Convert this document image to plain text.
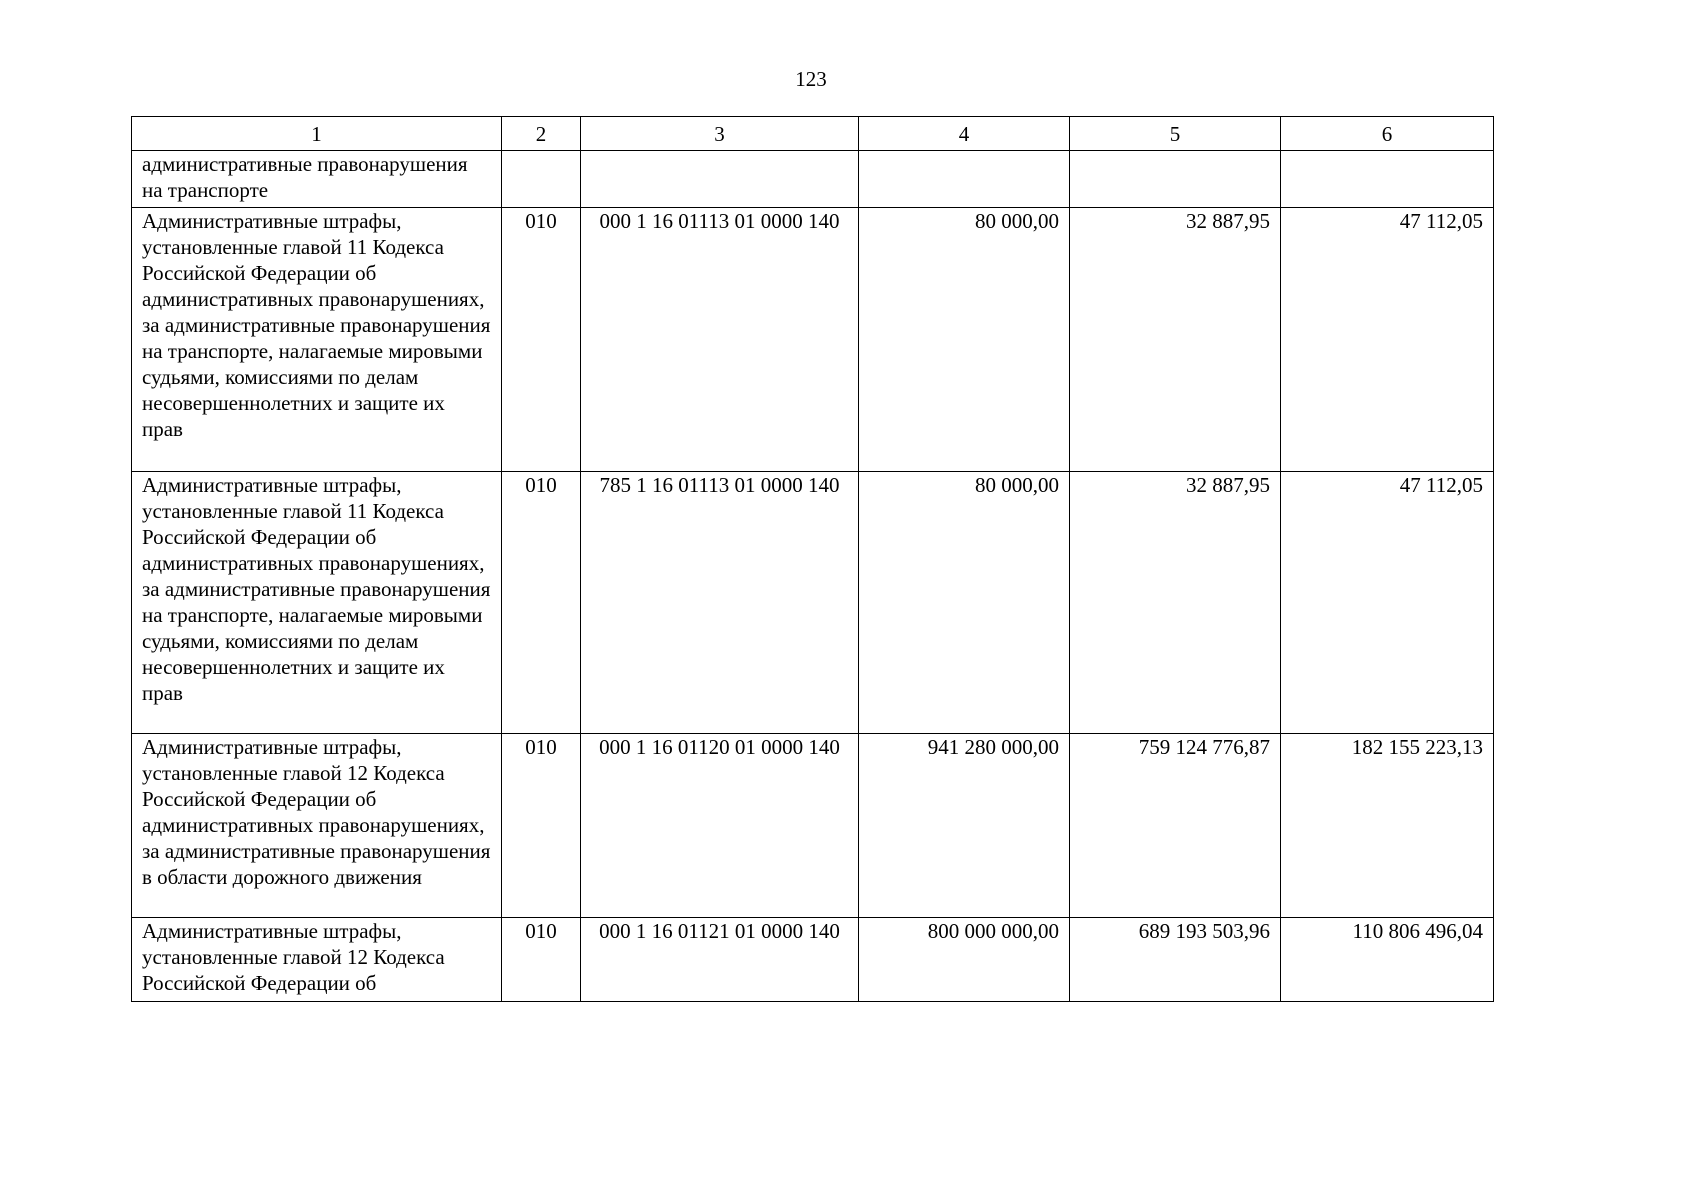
123
1	2	3	4	5	6

административные правонарушения на транспорте					

Административные штрафы, установленные главой 11 Кодекса Российской Федерации об административных правонарушениях, за административные правонарушения на транспорте, налагаемые мировыми судьями, комиссиями по делам несовершеннолетних и защите их прав	010	000 1 16 01113 01 0000 140	80 000,00	32 887,95	47 112,05

Административные штрафы, установленные главой 11 Кодекса Российской Федерации об административных правонарушениях, за административные правонарушения на транспорте, налагаемые мировыми судьями, комиссиями по делам несовершеннолетних и защите их прав	010	785 1 16 01113 01 0000 140	80 000,00	32 887,95	47 112,05

Административные штрафы, установленные главой 12 Кодекса Российской Федерации об административных правонарушениях, за административные правонарушения в области дорожного движения	010	000 1 16 01120 01 0000 140	941 280 000,00	759 124 776,87	182 155 223,13

Административные штрафы, установленные главой 12 Кодекса Российской Федерации об	010	000 1 16 01121 01 0000 140	800 000 000,00	689 193 503,96	110 806 496,04
